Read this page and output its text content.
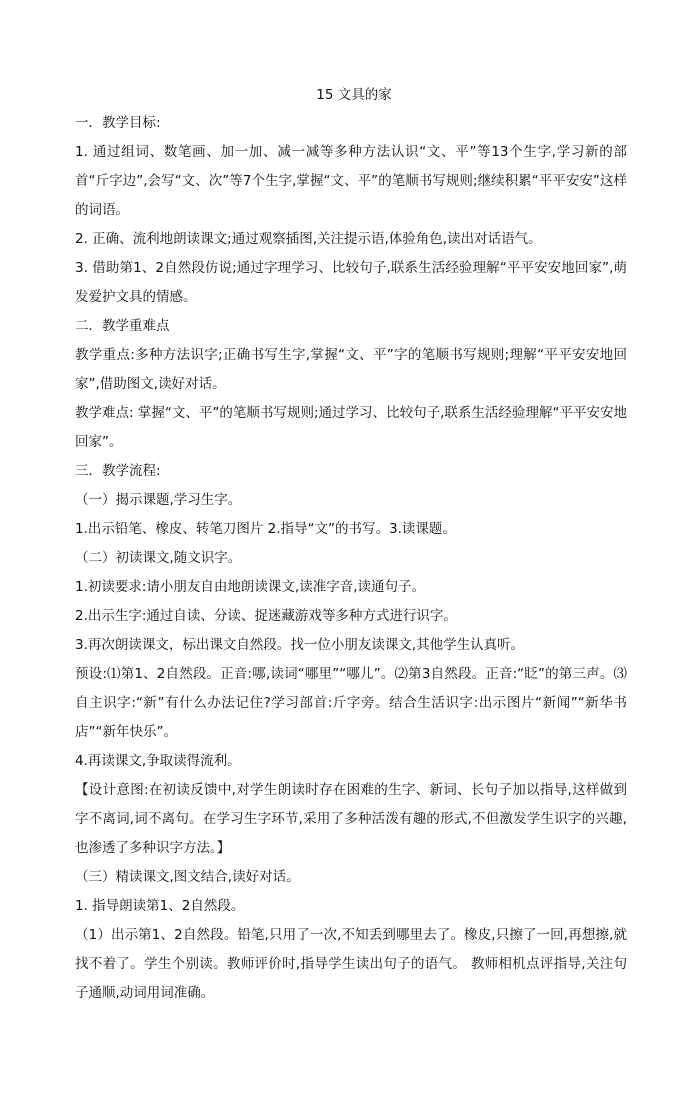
15 文具的家

一．教学目标:

1. 通过组词、数笔画、加一加、减一减等多种方法认识“文、平”等13个生字,学习新的部首“斤字边”,会写“文、次”等7个生字,掌握“文、平”的笔顺书写规则;继续积累“平平安安”这样的词语。

2. 正确、流利地朗读课文;通过观察插图,关注提示语,体验角色,读出对话语气。

3. 借助第1、2自然段仿说;通过字理学习、比较句子,联系生活经验理解“平平安安地回家”,萌发爱护文具的情感。

二．教学重难点

教学重点:多种方法识字;正确书写生字,掌握“文、平”字的笔顺书写规则;理解“平平安安地回家”,借助图文,读好对话。

教学难点: 掌握“文、平”的笔顺书写规则;通过学习、比较句子,联系生活经验理解“平平安安地回家”。

三．教学流程:

（一）揭示课题,学习生字。

1.出示铅笔、橡皮、转笔刀图片 2.指导“文”的书写。3.读课题。

（二）初读课文,随文识字。

1.初读要求:请小朋友自由地朗读课文,读准字音,读通句子。

2.出示生字:通过自读、分读、捉迷藏游戏等多种方式进行识字。

3.再次朗读课文，标出课文自然段。找一位小朋友读课文,其他学生认真听。

预设:⑴第1、2自然段。正音:哪,读词“哪里”“哪儿”。⑵第3自然段。正音:“眨”的第三声。⑶自主识字:“新”有什么办法记住?学习部首:斤字旁。结合生活识字:出示图片“新闻”“新华书店”“新年快乐”。

4.再读课文,争取读得流利。

【设计意图:在初读反馈中,对学生朗读时存在困难的生字、新词、长句子加以指导,这样做到字不离词,词不离句。在学习生字环节,采用了多种活泼有趣的形式,不但激发学生识字的兴趣,也渗透了多种识字方法。】

（三）精读课文,图文结合,读好对话。

1. 指导朗读第1、2自然段。

（1）出示第1、2自然段。铅笔,只用了一次,不知丢到哪里去了。橡皮,只擦了一回,再想擦,就找不着了。学生个别读。教师评价时,指导学生读出句子的语气。 教师相机点评指导,关注句子通顺,动词用词准确。
